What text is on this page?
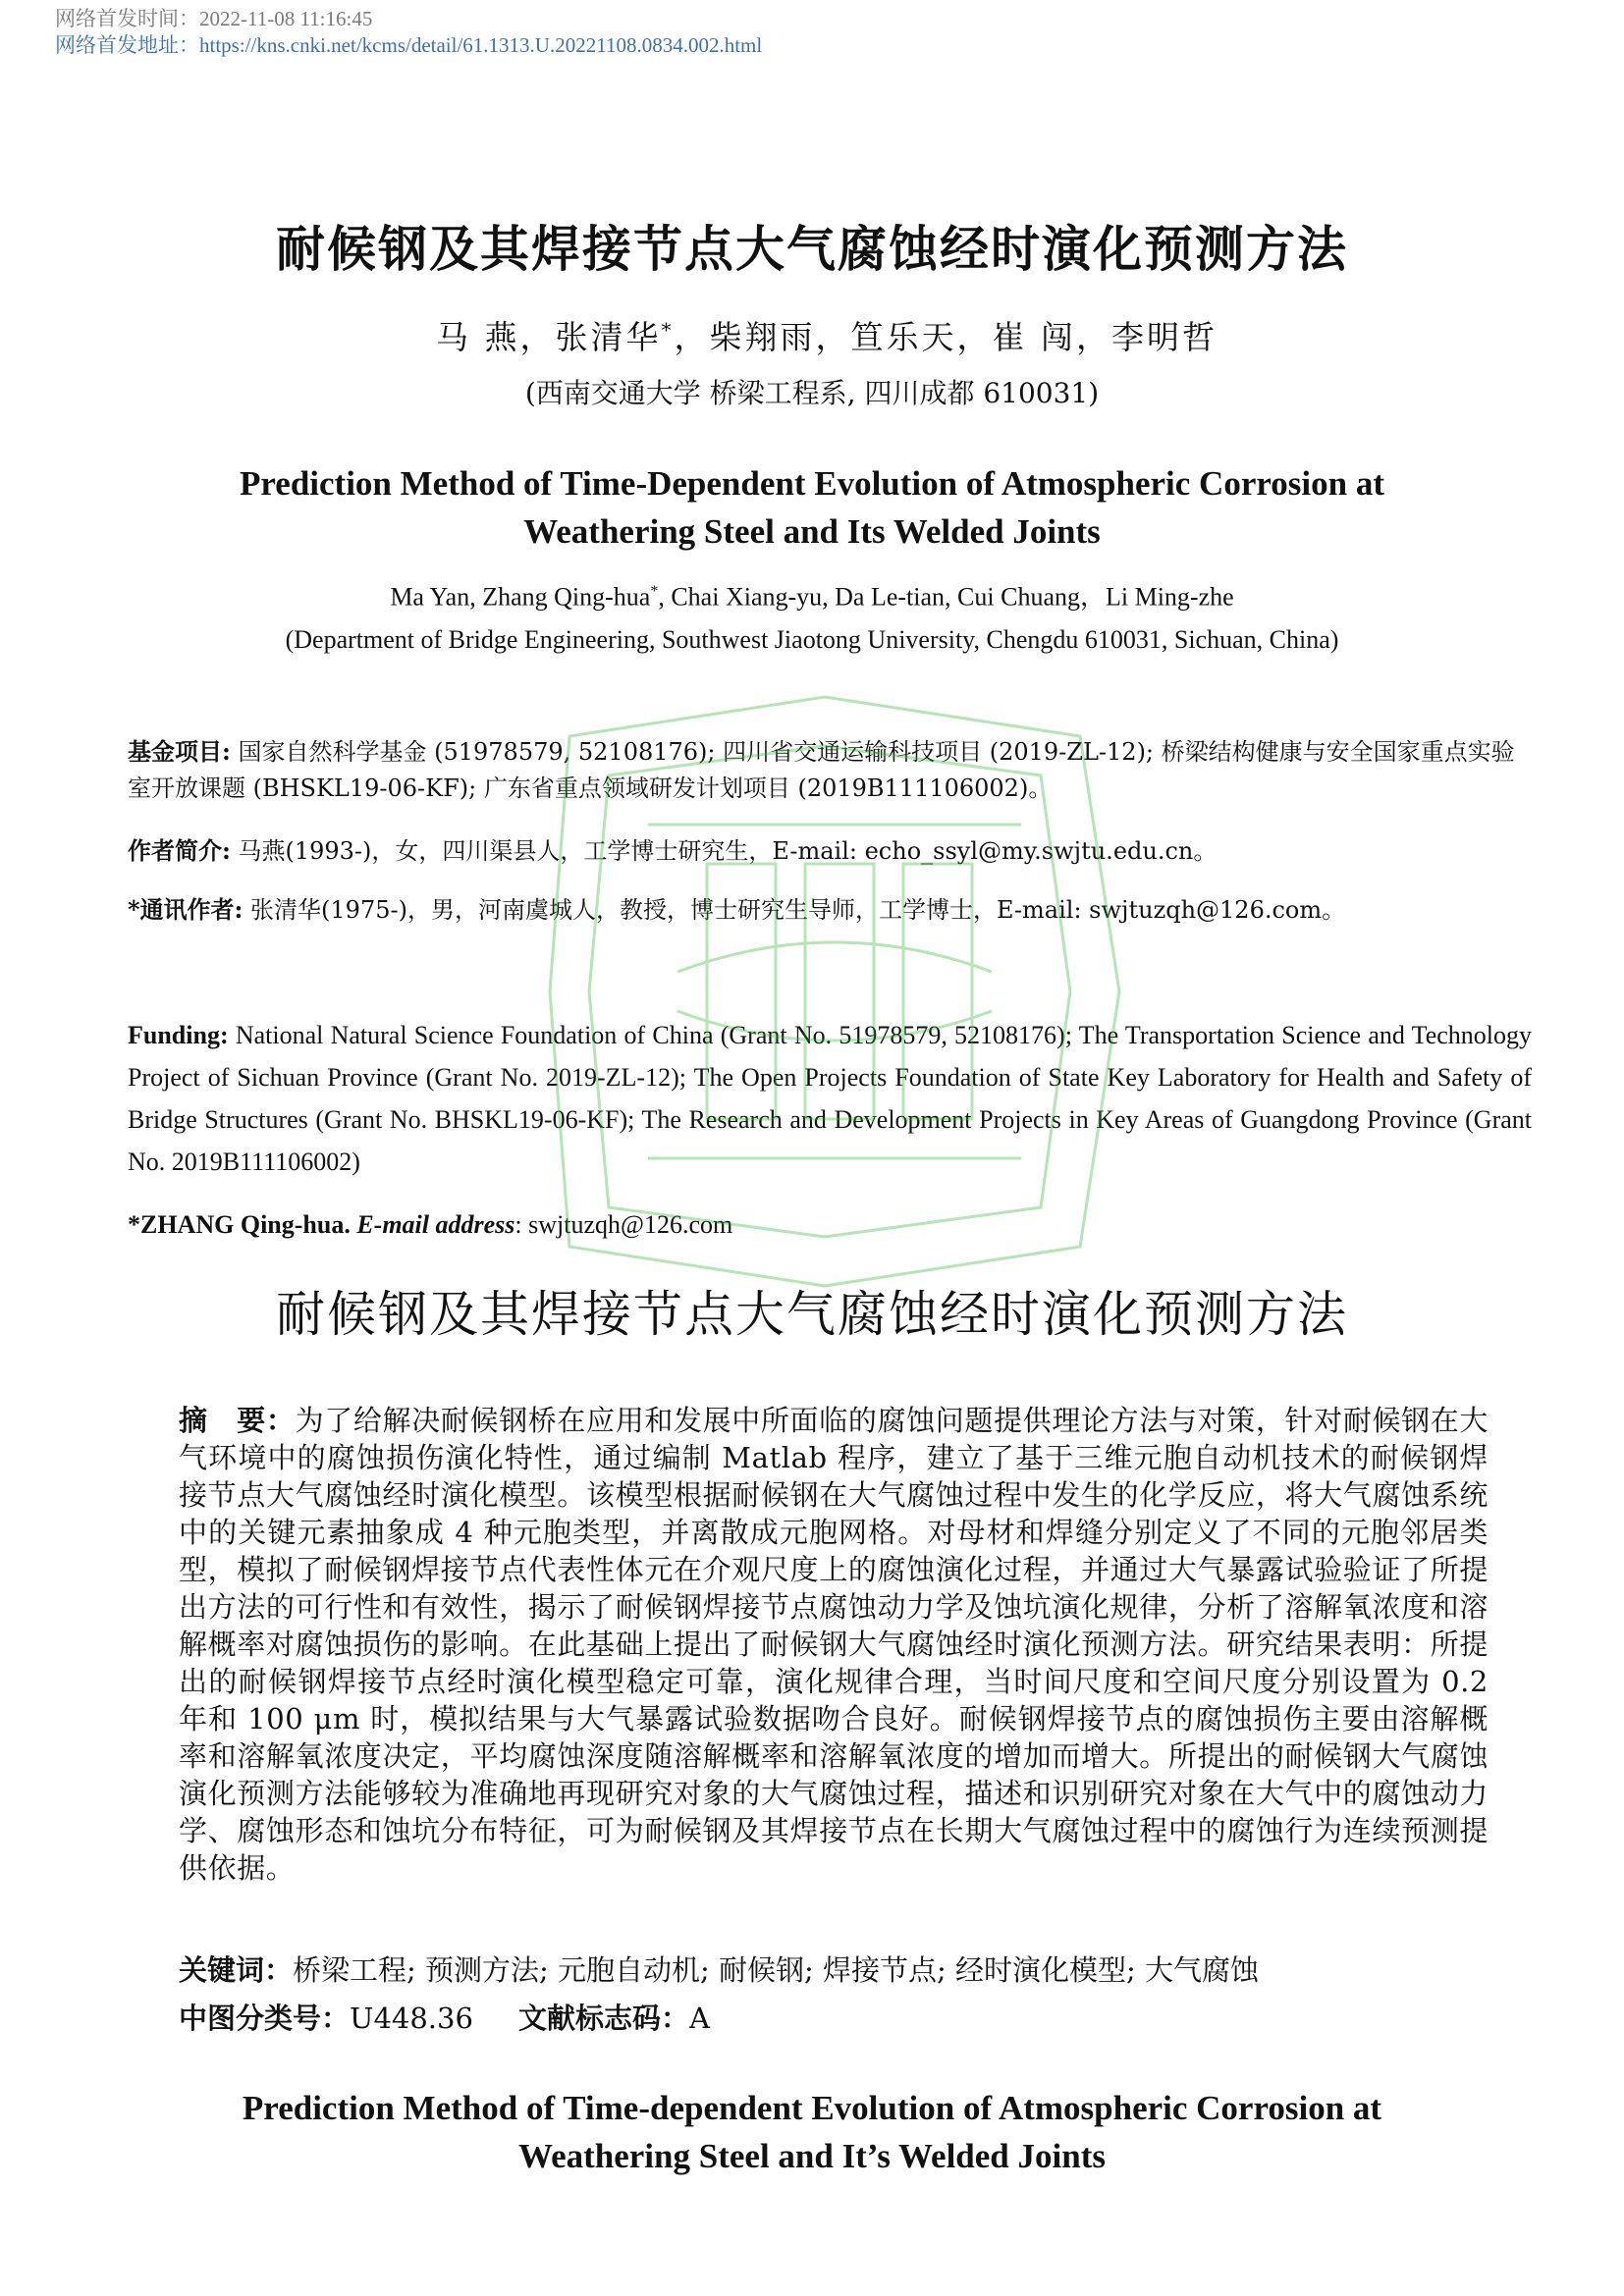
网络首发时间：2022-11-08 11:16:45
网络首发地址：https://kns.cnki.net/kcms/detail/61.1313.U.20221108.0834.002.html
耐候钢及其焊接节点大气腐蚀经时演化预测方法
马 燕，张清华*，柴翔雨，笪乐天，崔 闯，李明哲
(西南交通大学 桥梁工程系, 四川成都 610031)
Prediction Method of Time-Dependent Evolution of Atmospheric Corrosion at
Weathering Steel and Its Welded Joints
Ma Yan, Zhang Qing-hua*, Chai Xiang-yu, Da Le-tian, Cui Chuang，Li Ming-zhe
(Department of Bridge Engineering, Southwest Jiaotong University, Chengdu 610031, Sichuan, China)
基金项目: 国家自然科学基金 (51978579, 52108176); 四川省交通运输科技项目 (2019-ZL-12); 桥梁结构健康与安全国家重点实验室开放课题 (BHSKL19-06-KF); 广东省重点领域研发计划项目 (2019B111106002)。
作者简介: 马燕(1993-)，女，四川渠县人，工学博士研究生，E-mail: echo_ssyl@my.swjtu.edu.cn。
*通讯作者: 张清华(1975-)，男，河南虞城人，教授，博士研究生导师，工学博士，E-mail: swjtuzqh@126.com。
Funding: National Natural Science Foundation of China (Grant No. 51978579, 52108176); The Transportation Science and Technology Project of Sichuan Province (Grant No. 2019-ZL-12); The Open Projects Foundation of State Key Laboratory for Health and Safety of Bridge Structures (Grant No. BHSKL19-06-KF); The Research and Development Projects in Key Areas of Guangdong Province (Grant No. 2019B111106002)
*ZHANG Qing-hua. E-mail address: swjtuzqh@126.com
耐候钢及其焊接节点大气腐蚀经时演化预测方法
摘　要：为了给解决耐候钢桥在应用和发展中所面临的腐蚀问题提供理论方法与对策，针对耐候钢在大气环境中的腐蚀损伤演化特性，通过编制 Matlab 程序，建立了基于三维元胞自动机技术的耐候钢焊接节点大气腐蚀经时演化模型。该模型根据耐候钢在大气腐蚀过程中发生的化学反应，将大气腐蚀系统中的关键元素抽象成 4 种元胞类型，并离散成元胞网格。对母材和焊缝分别定义了不同的元胞邻居类型，模拟了耐候钢焊接节点代表性体元在介观尺度上的腐蚀演化过程，并通过大气暴露试验验证了所提出方法的可行性和有效性，揭示了耐候钢焊接节点腐蚀动力学及蚀坑演化规律，分析了溶解氧浓度和溶解概率对腐蚀损伤的影响。在此基础上提出了耐候钢大气腐蚀经时演化预测方法。研究结果表明：所提出的耐候钢焊接节点经时演化模型稳定可靠，演化规律合理，当时间尺度和空间尺度分别设置为 0.2 年和 100 μm 时，模拟结果与大气暴露试验数据吻合良好。耐候钢焊接节点的腐蚀损伤主要由溶解概率和溶解氧浓度决定，平均腐蚀深度随溶解概率和溶解氧浓度的增加而增大。所提出的耐候钢大气腐蚀演化预测方法能够较为准确地再现研究对象的大气腐蚀过程，描述和识别研究对象在大气中的腐蚀动力学、腐蚀形态和蚀坑分布特征，可为耐候钢及其焊接节点在长期大气腐蚀过程中的腐蚀行为连续预测提供依据。
关键词：桥梁工程; 预测方法; 元胞自动机; 耐候钢; 焊接节点; 经时演化模型; 大气腐蚀
中图分类号：U448.36 文献标志码：A
Prediction Method of Time-dependent Evolution of Atmospheric Corrosion at
Weathering Steel and It’s Welded Joints
